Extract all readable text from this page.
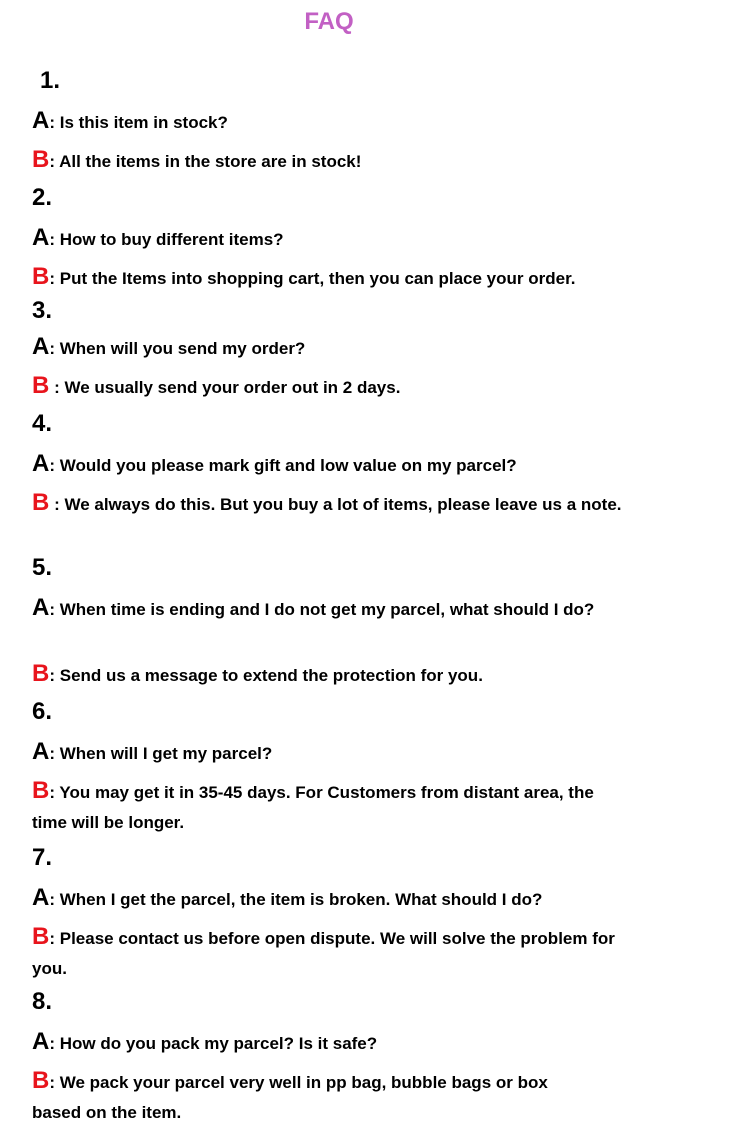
FAQ
1.
A: Is this item in stock?
B: All the items in the store are in stock!
2.
A: How to buy different items?
B: Put the Items into shopping cart, then you can place your order.
3.
A: When will you send my order?
B : We usually send your order out in 2 days.
4.
A: Would you please mark gift and low value on my parcel?
B : We always do this. But you buy a lot of items, please leave us a note.
5.
A: When time is ending and I do not get my parcel, what should I do?
B: Send us a message to extend the protection for you.
6.
A: When will I get my parcel?
B: You may get it in 35-45 days. For Customers from distant area, the time will be longer.
7.
A: When I get the parcel, the item is broken. What should I do?
B: Please contact us before open dispute. We will solve the problem for you.
8.
A: How do you pack my parcel? Is it safe?
B: We pack your parcel very well in pp bag, bubble bags or box based on the item.
